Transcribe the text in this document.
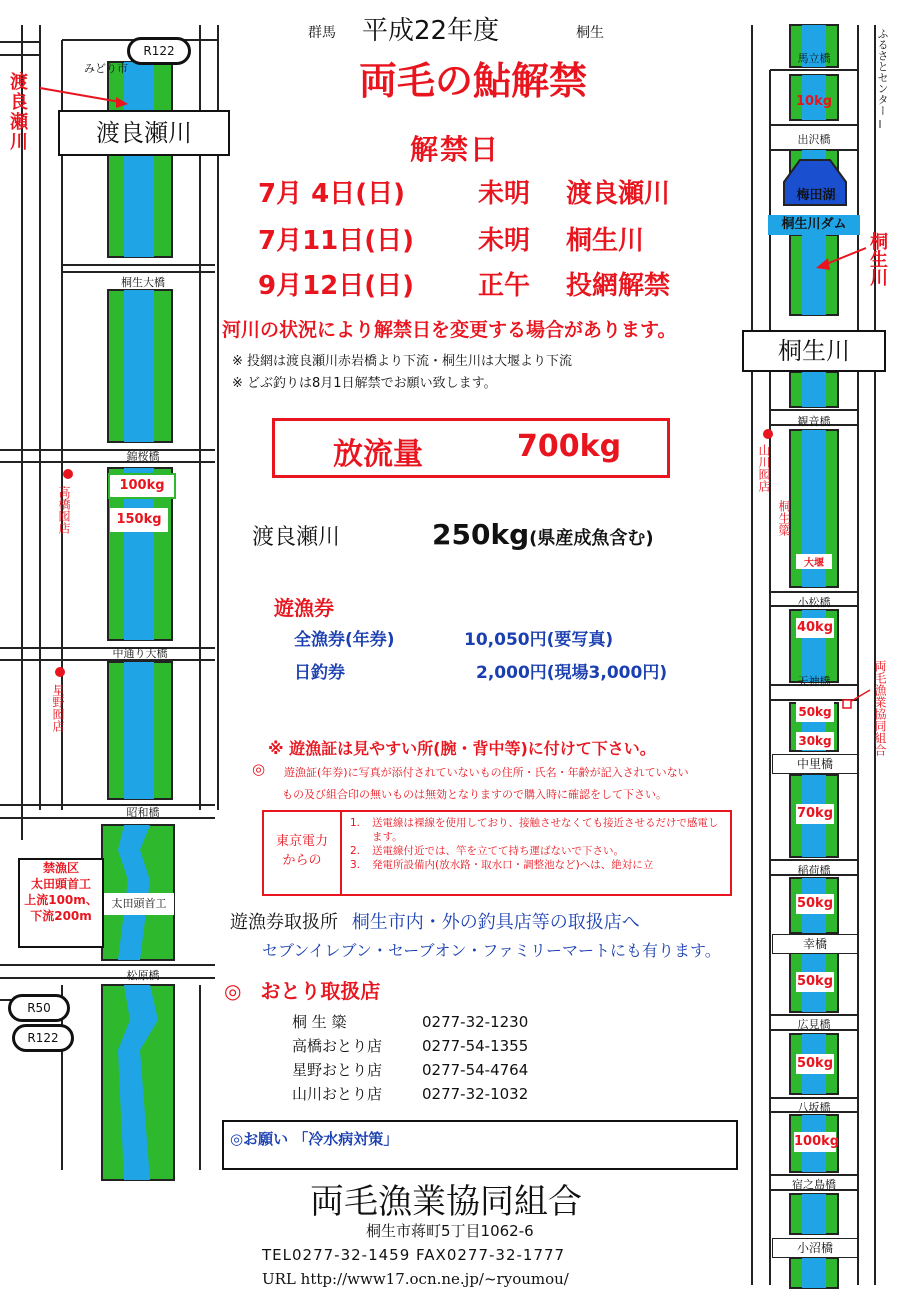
R122
みどり市
渡良瀬川	渡良瀬川
桐生大橋
錦桜橋
中通り大橋
昭和橋
松原橋
100kg
150kg
高橋囮店
星野囮店
太田頭首工
禁漁区
太田頭首工
上流100m、
下流200m
R50
R122
ふるさとセンター
馬立橋
10kg
出沢橋
梅田湖
桐生川ダム
桐生川
桐生川
観音橋
山川囮店
桐生簗
大堰
小松橋
40kg
天神橋
50kg
30kg
中里橋
70kg
稲荷橋
50kg
幸橋
50kg
広見橋
50kg
八坂橋
100kg
宿之島橋
小沼橋
両毛漁業協同組合
群馬 平成22年度	桐生
両毛の鮎解禁
解禁日
7月 4日(日)	未明 渡良瀬川
7月11日(日) 未明 桐生川
9月12日(日) 正午 投網解禁
河川の状況により解禁日を変更する場合があります。
※ 投網は渡良瀬川赤岩橋より下流・桐生川は大堰より下流
※ どぶ釣りは8月1日解禁でお願い致します。
放流量	700kg
渡良瀬川	250kg(県産成魚含む)
遊漁券
全漁券(年券)	10,050円(要写真)
日釣券	2,000円(現場3,000円)
※ 遊漁証は見やすい所(腕・背中等)に付けて下さい。
◎ 遊漁証(年券)に写真が添付されていないもの住所・氏名・年齢が記入されていない
もの及び組合印の無いものは無効となりますので購入時に確認をして下さい。
東京電力
からの
1.	送電線は裸線を使用しており、接触させなくても接近させるだけで感電します。
2.	送電線付近では、竿を立てて持ち運ばないで下さい。
3.	発電所設備内(放水路・取水口・調整池など)へは、絶対に立
遊漁券取扱所 桐生市内・外の釣具店等の取扱店へ
セブンイレブン・セーブオン・ファミリーマートにも有ります。
◎ おとり取扱店
桐 生 簗	0277-32-1230
高橋おとり店	0277-54-1355
星野おとり店	0277-54-4764
山川おとり店	0277-32-1032
◎お願い 「冷水病対策」
両毛漁業協同組合
桐生市蒋町5丁目1062-6
TEL0277-32-1459 FAX0277-32-1777
URL http://www17.ocn.ne.jp/~ryoumou/
